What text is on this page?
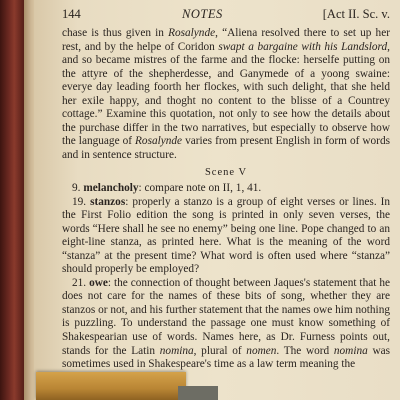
144	NOTES	[Act II. Sc. v.

chase is thus given in Rosalynde, “Aliena resolved there to set up her rest, and by the helpe of Coridon swapt a bargaine with his Landslord, and so became mistres of the farme and the flocke: herselfe putting on the attyre of the shepherdesse, and Ganymede of a yoong swaine: everye day leading foorth her flockes, with such delight, that she held her exile happy, and thoght no content to the blisse of a Countrey cottage.” Examine this quotation, not only to see how the details about the purchase differ in the two narratives, but especially to observe how the language of Rosalynde varies from present English in form of words and in sentence structure.

Scene V

9. melancholy: compare note on II, 1, 41.

19. stanzos: properly a stanzo is a group of eight verses or lines. In the First Folio edition the song is printed in only seven verses, the words “Here shall he see no enemy” being one line. Pope changed to an eight-line stanza, as printed here. What is the meaning of the word “stanza” at the present time? What word is often used where “stanza” should properly be employed?

21. owe: the connection of thought between Jaques's statement that he does not care for the names of these bits of song, whether they are stanzos or not, and his further statement that the names owe him nothing is puzzling. To understand the passage one must know something of Shakespearian use of words. Names here, as Dr. Furness points out, stands for the Latin nomina, plural of nomen. The word nomina was sometimes used in Shakespeare's time as a law term meaning the
